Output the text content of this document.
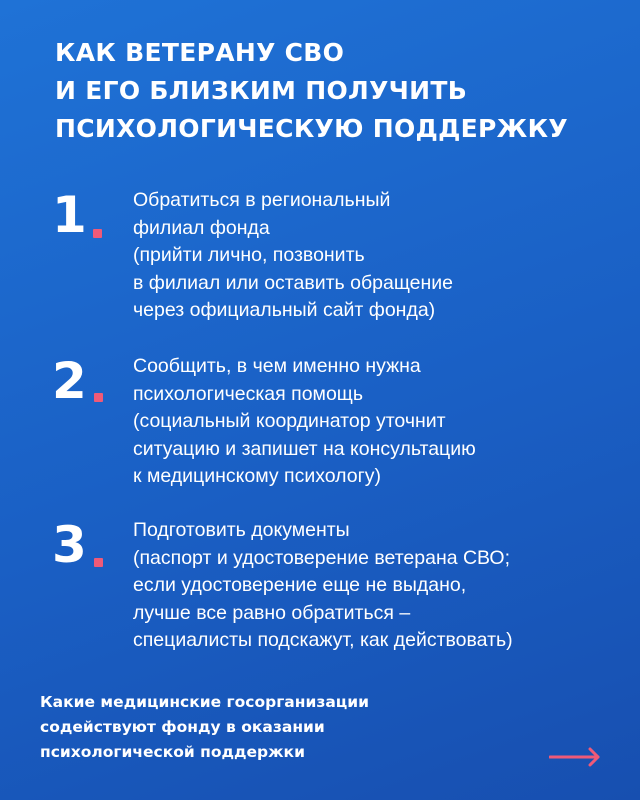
КАК ВЕТЕРАНУ СВО
И ЕГО БЛИЗКИМ ПОЛУЧИТЬ
ПСИХОЛОГИЧЕСКУЮ ПОДДЕРЖКУ
1 Обратиться в региональный
филиал фонда
(прийти лично, позвонить
в филиал или оставить обращение
через официальный сайт фонда)
2 Сообщить, в чем именно нужна
психологическая помощь
(социальный координатор уточнит
ситуацию и запишет на консультацию
к медицинскому психологу)
3 Подготовить документы
(паспорт и удостоверение ветерана СВО;
если удостоверение еще не выдано,
лучше все равно обратиться –
специалисты подскажут, как действовать)
Какие медицинские госорганизации
содействуют фонду в оказании
психологической поддержки
